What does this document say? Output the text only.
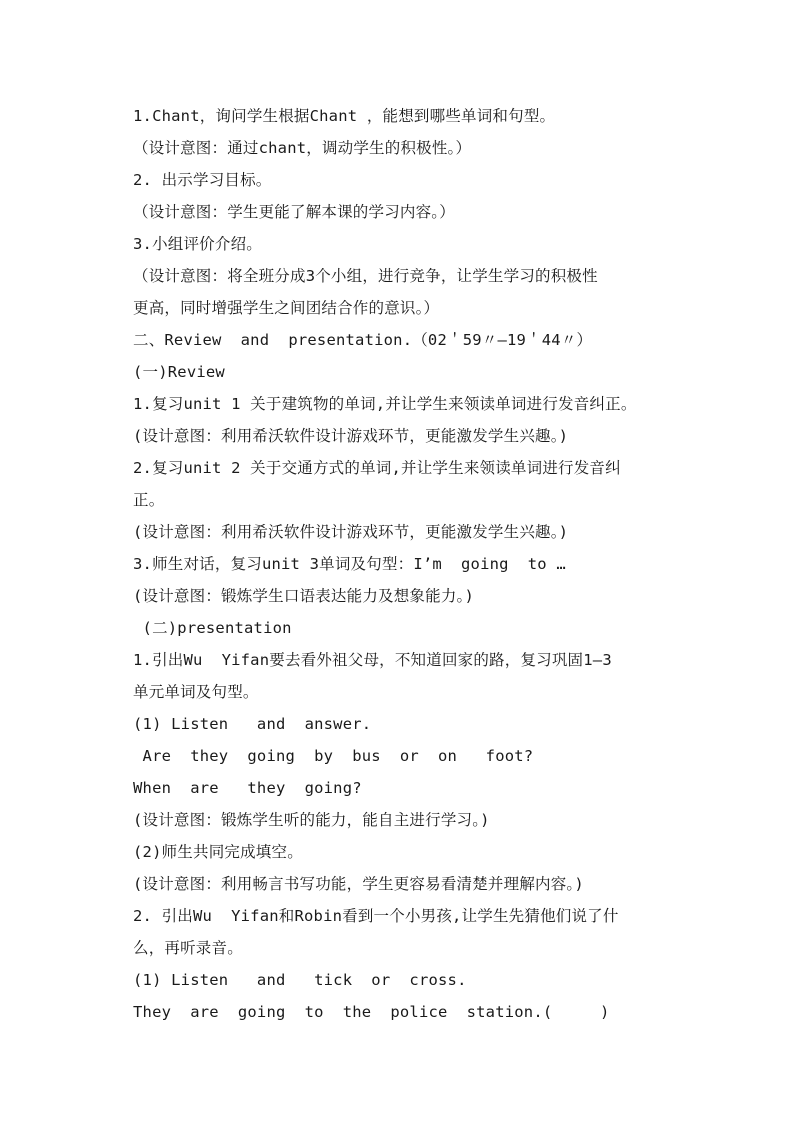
1.Chant，询问学生根据Chant ，能想到哪些单词和句型。
（设计意图：通过chant，调动学生的积极性。）
2. 出示学习目标。
（设计意图：学生更能了解本课的学习内容。）
3.小组评价介绍。
（设计意图：将全班分成3个小组，进行竞争，让学生学习的积极性
更高，同时增强学生之间团结合作的意识。）
二、Review  and  presentation.（02＇59〃—19＇44〃）
(一)Review
1.复习unit 1 关于建筑物的单词,并让学生来领读单词进行发音纠正。
(设计意图：利用希沃软件设计游戏环节，更能激发学生兴趣。)
2.复习unit 2 关于交通方式的单词,并让学生来领读单词进行发音纠
正。
(设计意图：利用希沃软件设计游戏环节，更能激发学生兴趣。)
3.师生对话，复习unit 3单词及句型：I’m  going  to …
(设计意图：锻炼学生口语表达能力及想象能力。)
(二)presentation
1.引出Wu  Yifan要去看外祖父母，不知道回家的路，复习巩固1—3
单元单词及句型。
(1) Listen   and  answer.
Are  they  going  by  bus  or  on   foot?
When  are   they  going?
(设计意图：锻炼学生听的能力，能自主进行学习。)
(2)师生共同完成填空。
(设计意图：利用畅言书写功能，学生更容易看清楚并理解内容。)
2. 引出Wu  Yifan和Robin看到一个小男孩,让学生先猜他们说了什
么，再听录音。
(1) Listen   and   tick  or  cross.
They  are  going  to  the  police  station.(     )
